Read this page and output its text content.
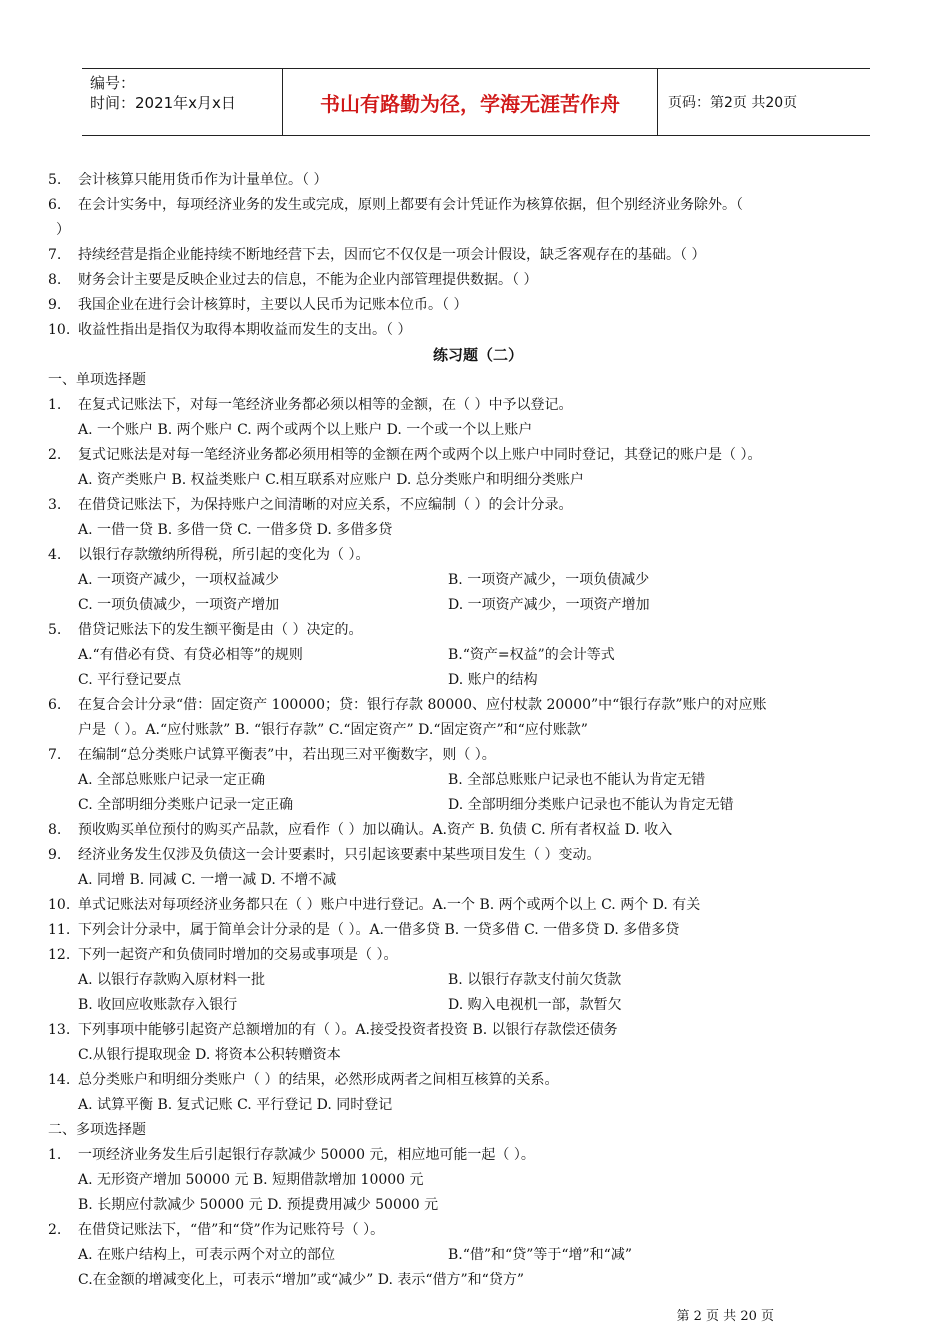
编号：
时间：2021年x月x日	书山有路勤为径，学海无涯苦作舟	页码：第2页 共20页
5. 会计核算只能用货币作为计量单位。（ ）
6. 在会计实务中，每项经济业务的发生或完成，原则上都要有会计凭证作为核算依据，但个别经济业务除外。（
）
7. 持续经营是指企业能持续不断地经营下去，因而它不仅仅是一项会计假设，缺乏客观存在的基础。（ ）
8. 财务会计主要是反映企业过去的信息，不能为企业内部管理提供数据。（ ）
9. 我国企业在进行会计核算时，主要以人民币为记账本位币。（ ）
10. 收益性指出是指仅为取得本期收益而发生的支出。（ ）
练习题（二）
一、单项选择题
1. 在复式记账法下，对每一笔经济业务都必须以相等的金额，在（ ）中予以登记。
A. 一个账户 B. 两个账户 C. 两个或两个以上账户 D. 一个或一个以上账户
2. 复式记账法是对每一笔经济业务都必须用相等的金额在两个或两个以上账户中同时登记，其登记的账户是（ ）。
A. 资产类账户 B. 权益类账户 C.相互联系对应账户 D. 总分类账户和明细分类账户
3. 在借贷记账法下，为保持账户之间清晰的对应关系，不应编制（ ）的会计分录。
A. 一借一贷 B. 多借一贷 C. 一借多贷 D. 多借多贷
4. 以银行存款缴纳所得税，所引起的变化为（ ）。
A. 一项资产减少，一项权益减少	B. 一项资产减少，一项负债减少
C. 一项负债减少，一项资产增加	D. 一项资产减少，一项资产增加
5. 借贷记账法下的发生额平衡是由（ ）决定的。
A.“有借必有贷、有贷必相等”的规则	B.“资产=权益”的会计等式
C. 平行登记要点	D. 账户的结构
6. 在复合会计分录“借：固定资产 100000；贷：银行存款 80000、应付杖款 20000”中“银行存款”账户的对应账
户是（ ）。A.“应付账款” B. “银行存款” C.“固定资产” D.“固定资产”和“应付账款”
7. 在编制“总分类账户试算平衡表”中，若出现三对平衡数字，则（ ）。
A. 全部总账账户记录一定正确	B. 全部总账账户记录也不能认为肯定无错
C. 全部明细分类账户记录一定正确	D. 全部明细分类账户记录也不能认为肯定无错
8. 预收购买单位预付的购买产品款，应看作（ ）加以确认。A.资产 B. 负债 C. 所有者权益 D. 收入
9. 经济业务发生仅涉及负债这一会计要素时，只引起该要素中某些项目发生（ ）变动。
A. 同增 B. 同减 C. 一增一减 D. 不增不减
10. 单式记账法对每项经济业务都只在（ ）账户中进行登记。A.一个 B. 两个或两个以上 C. 两个 D. 有关
11. 下列会计分录中，属于简单会计分录的是（ ）。A.一借多贷 B. 一贷多借 C. 一借多贷 D. 多借多贷
12. 下列一起资产和负债同时增加的交易或事项是（ ）。
A. 以银行存款购入原材料一批	B. 以银行存款支付前欠货款
B. 收回应收账款存入银行	D. 购入电视机一部，款暂欠
13. 下列事项中能够引起资产总额增加的有（ ）。A.接受投资者投资 B. 以银行存款偿还债务
C.从银行提取现金 D. 将资本公积转赠资本
14. 总分类账户和明细分类账户（ ）的结果，必然形成两者之间相互核算的关系。
A. 试算平衡 B. 复式记账 C. 平行登记 D. 同时登记
二、多项选择题
1. 一项经济业务发生后引起银行存款减少 50000 元，相应地可能一起（ ）。
A. 无形资产增加 50000 元 B. 短期借款增加 10000 元
B. 长期应付款减少 50000 元 D. 预提费用减少 50000 元
2. 在借贷记账法下，“借”和“贷”作为记账符号（ ）。
A. 在账户结构上，可表示两个对立的部位	B.“借”和“贷”等于“增”和“减”
C.在金额的增减变化上，可表示“增加”或“减少” D. 表示“借方”和“贷方”
第 2 页 共 20 页
